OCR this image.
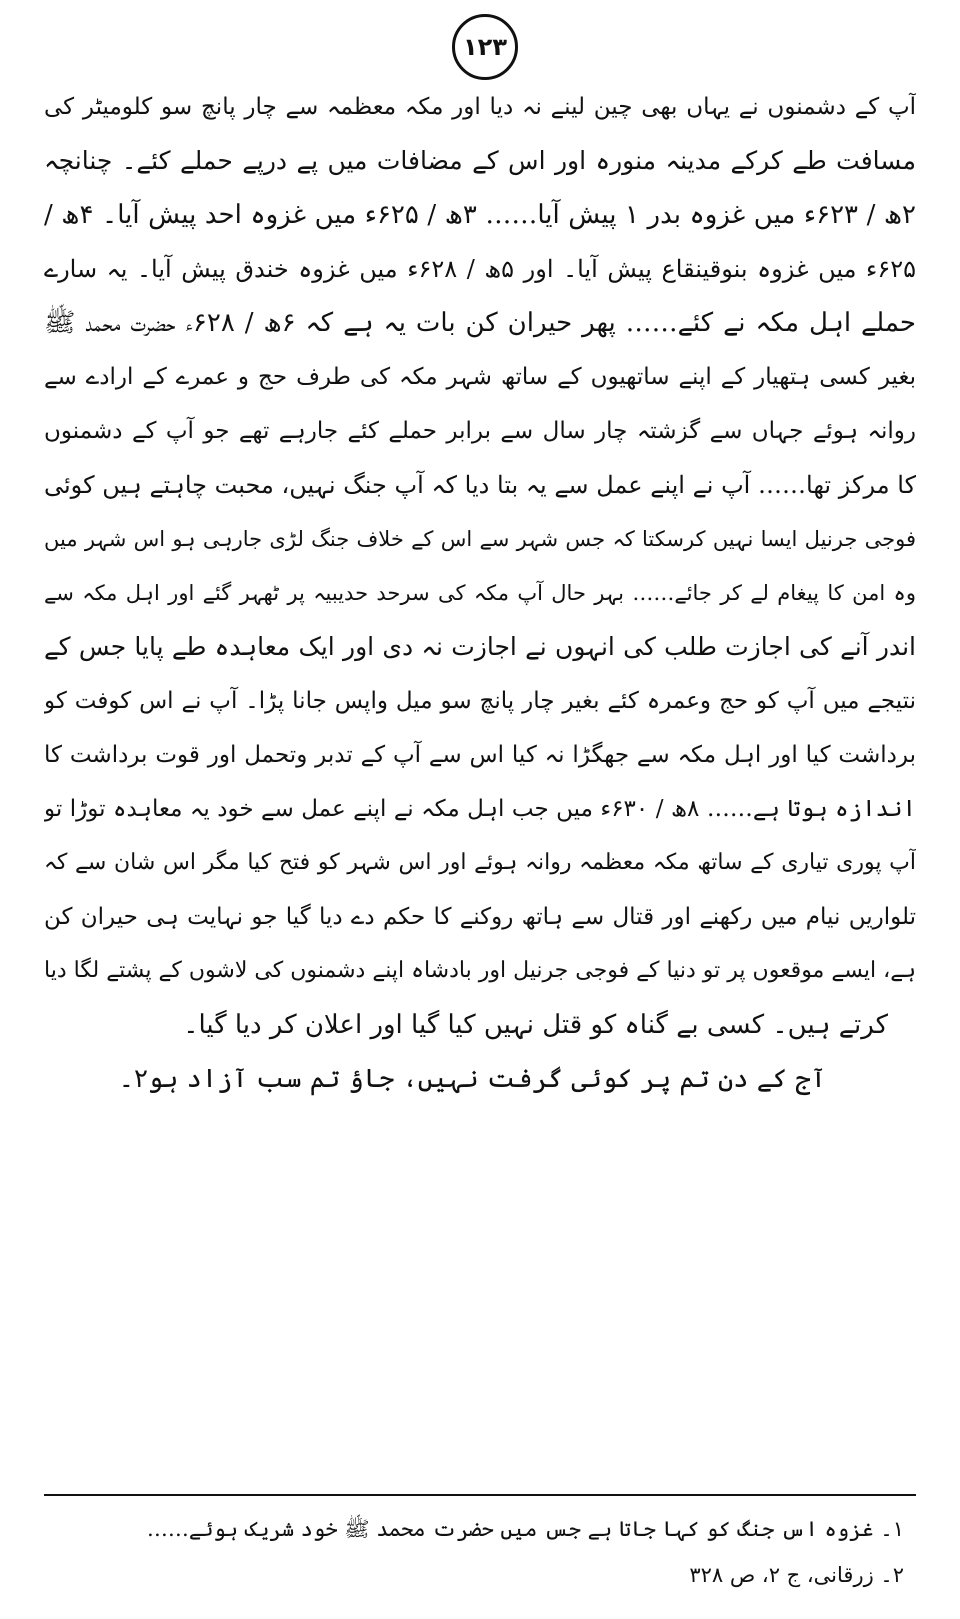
۱۲۳
آپ کے دشمنوں نے یہاں بھی چین لینے نہ دیا اور مکہ معظمہ سے چار پانچ سو کلومیٹر کی
مسافت طے کرکے مدینہ منورہ اور اس کے مضافات میں پے درپے حملے کئے۔ چنانچہ
۲ھ / ۶۲۳ء میں غزوہ بدر ۱ پیش آیا…… ۳ھ / ۶۲۵ء میں غزوہ احد پیش آیا۔ ۴ھ /
۶۲۵ء میں غزوہ بنوقینقاع پیش آیا۔ اور ۵ھ / ۶۲۸ء میں غزوہ خندق پیش آیا۔ یہ سارے
حملے اہل مکہ نے کئے…… پھر حیران کن بات یہ ہے کہ ۶ھ / ۶۲۸ء حضرت محمد ﷺ
بغیر کسی ہتھیار کے اپنے ساتھیوں کے ساتھ شہر مکہ کی طرف حج و عمرے کے ارادے سے
روانہ ہوئے جہاں سے گزشتہ چار سال سے برابر حملے کئے جارہے تھے جو آپ کے دشمنوں
کا مرکز تھا…… آپ نے اپنے عمل سے یہ بتا دیا کہ آپ جنگ نہیں، محبت چاہتے ہیں کوئی
فوجی جرنیل ایسا نہیں کرسکتا کہ جس شہر سے اس کے خلاف جنگ لڑی جارہی ہو اس شہر میں
وہ امن کا پیغام لے کر جائے…… بہر حال آپ مکہ کی سرحد حدیبیہ پر ٹھہر گئے اور اہل مکہ سے
اندر آنے کی اجازت طلب کی انہوں نے اجازت نہ دی اور ایک معاہدہ طے پایا جس کے
نتیجے میں آپ کو حج وعمرہ کئے بغیر چار پانچ سو میل واپس جانا پڑا۔ آپ نے اس کوفت کو
برداشت کیا اور اہل مکہ سے جھگڑا نہ کیا اس سے آپ کے تدبر وتحمل اور قوت برداشت کا
اندازہ ہوتا ہے…… ۸ھ / ۶۳۰ء میں جب اہل مکہ نے اپنے عمل سے خود یہ معاہدہ توڑا تو
آپ پوری تیاری کے ساتھ مکہ معظمہ روانہ ہوئے اور اس شہر کو فتح کیا مگر اس شان سے کہ
تلواریں نیام میں رکھنے اور قتال سے ہاتھ روکنے کا حکم دے دیا گیا جو نہایت ہی حیران کن
ہے، ایسے موقعوں پر تو دنیا کے فوجی جرنیل اور بادشاہ اپنے دشمنوں کی لاشوں کے پشتے لگا دیا
کرتے ہیں۔ کسی بے گناہ کو قتل نہیں کیا گیا اور اعلان کر دیا گیا۔
آج کے دن تم پر کوئی گرفت نہیں، جاؤ تم سب آزاد ہو۲۔
۱۔ غزوہ اس جنگ کو کہا جاتا ہے جس میں حضرت محمد ﷺ خود شریک ہوئے……
۲۔ زرقانی، ج ۲، ص ۳۲۸
